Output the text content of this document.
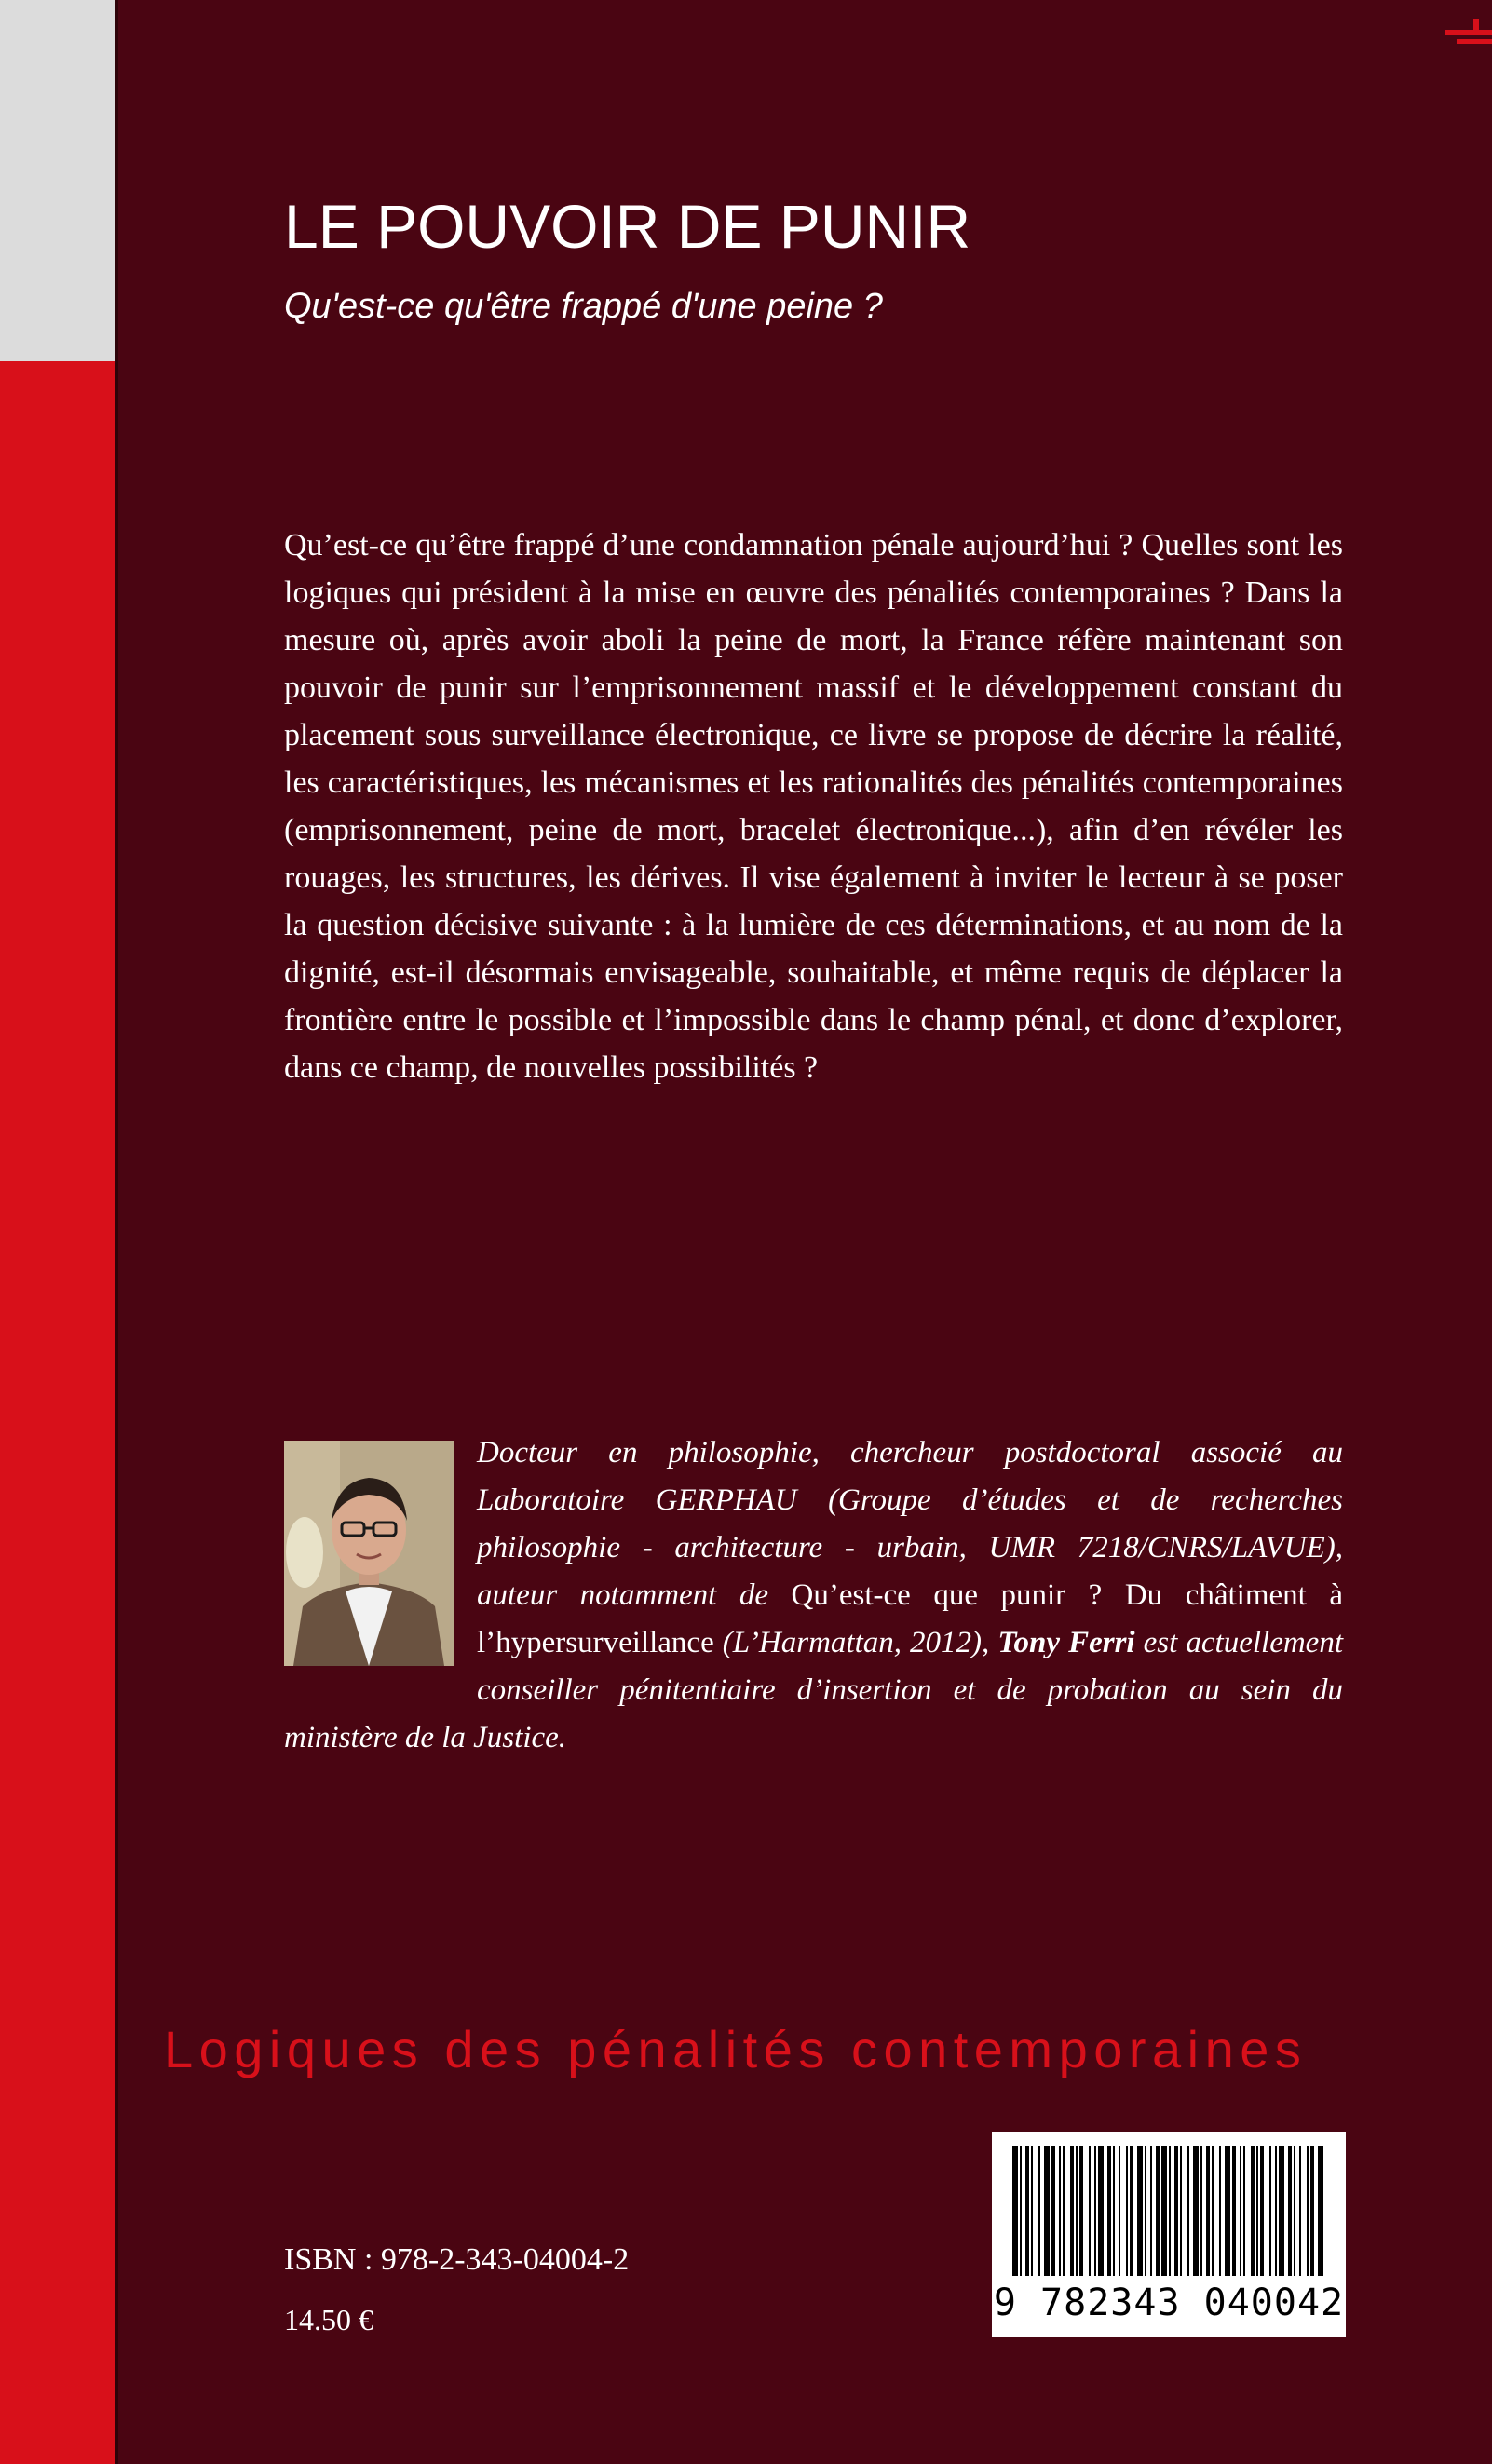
LE POUVOIR DE PUNIR
Qu'est-ce qu'être frappé d'une peine ?

Qu’est-ce qu’être frappé d’une condamnation pénale aujourd’hui ? Quelles sont les logiques qui président à la mise en œuvre des pénalités contemporaines ? Dans la mesure où, après avoir aboli la peine de mort, la France réfère maintenant son pouvoir de punir sur l’emprisonnement massif et le développement constant du placement sous surveillance électronique, ce livre se propose de décrire la réalité, les caractéristiques, les mécanismes et les rationalités des pénalités contemporaines (emprisonnement, peine de mort, bracelet électronique...), afin d’en révéler les rouages, les structures, les dérives. Il vise également à inviter le lecteur à se poser la question décisive suivante : à la lumière de ces déterminations, et au nom de la dignité, est-il désormais envisageable, souhaitable, et même requis de déplacer la frontière entre le possible et l’impossible dans le champ pénal, et donc d’explorer, dans ce champ, de nouvelles possibilités ?

Docteur en philosophie, chercheur postdoctoral associé au Laboratoire GERPHAU (Groupe d’études et de recherches philosophie - architecture - urbain, UMR 7218/CNRS/LAVUE), auteur notamment de Qu’est-ce que punir ? Du châtiment à l’hypersurveillance (L’Harmattan, 2012), Tony Ferri est actuellement conseiller pénitentiaire d’insertion et de probation au sein du ministère de la Justice.
Logiques des pénalités contemporaines
ISBN : 978-2-343-04004-2
14.50 €	9 782343 040042
